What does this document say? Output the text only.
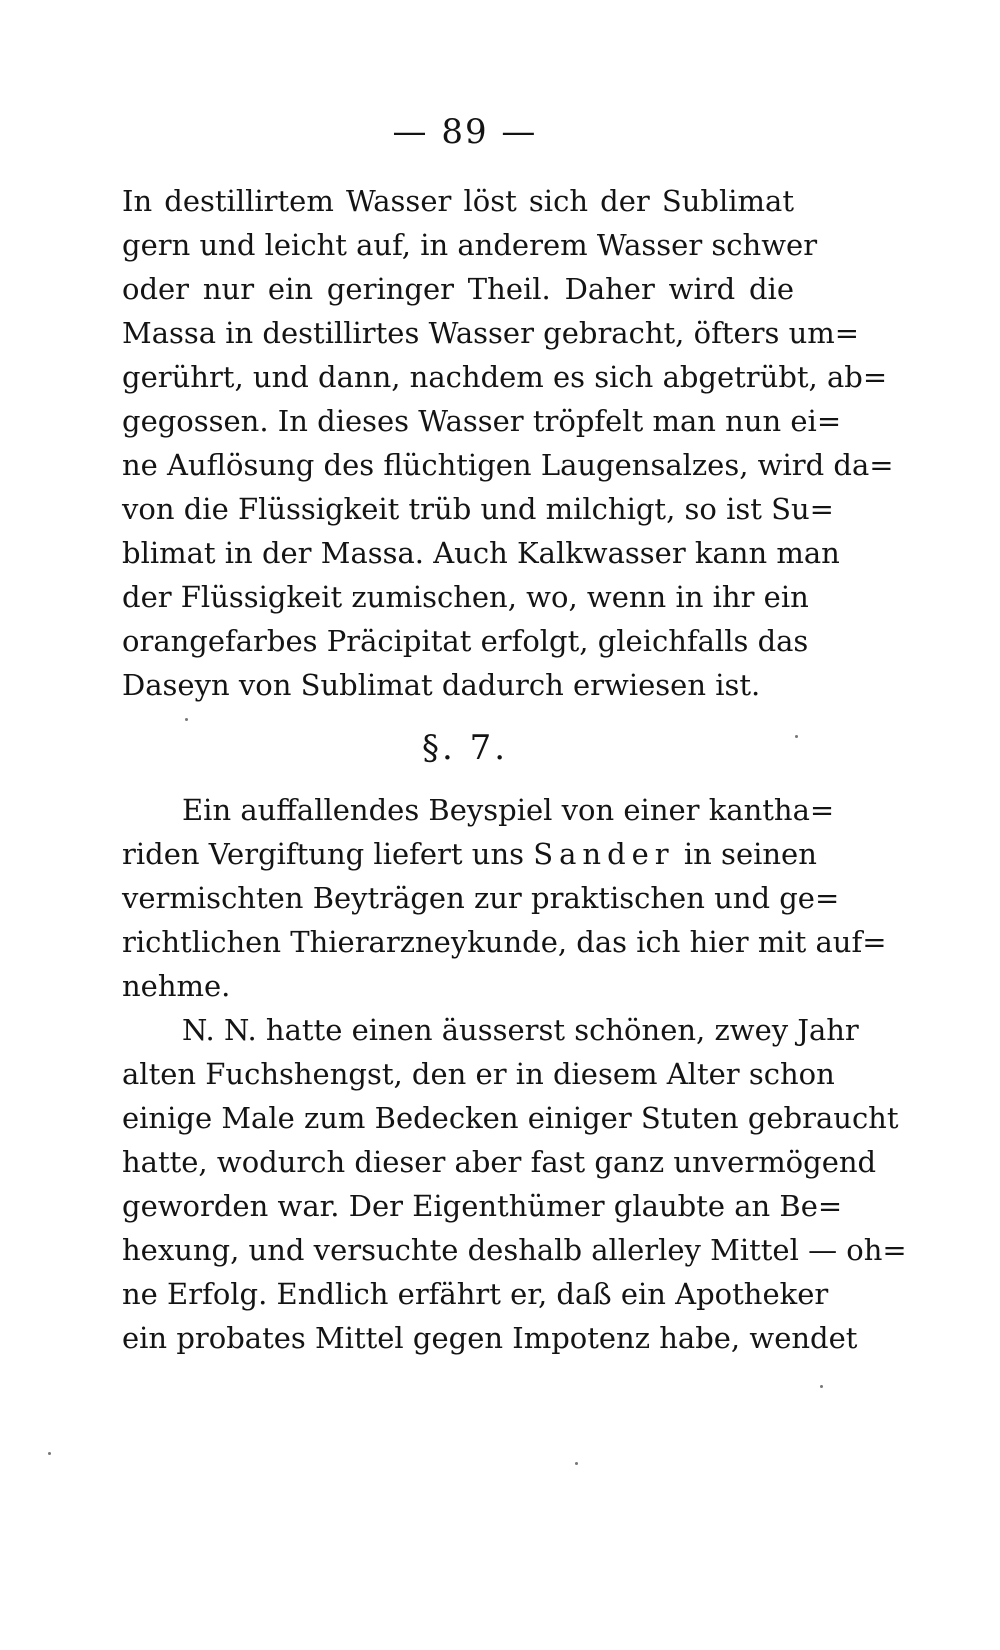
— 89 —
In destillirtem Wasser löst sich der Sublimat
gern und leicht auf, in anderem Wasser schwer
oder nur ein geringer Theil. Daher wird die
Massa in destillirtes Wasser gebracht, öfters um=
gerührt, und dann, nachdem es sich abgetrübt, ab=
gegossen. In dieses Wasser tröpfelt man nun ei=
ne Auflösung des flüchtigen Laugensalzes, wird da=
von die Flüssigkeit trüb und milchigt, so ist Su=
blimat in der Massa. Auch Kalkwasser kann man
der Flüssigkeit zumischen, wo, wenn in ihr ein
orangefarbes Präcipitat erfolgt, gleichfalls das
Daseyn von Sublimat dadurch erwiesen ist.
§. 7.
Ein auffallendes Beyspiel von einer kantha=
riden Vergiftung liefert uns Sander in seinen
vermischten Beyträgen zur praktischen und ge=
richtlichen Thierarzneykunde, das ich hier mit auf=
nehme.
N. N. hatte einen äusserst schönen, zwey Jahr
alten Fuchshengst, den er in diesem Alter schon
einige Male zum Bedecken einiger Stuten gebraucht
hatte, wodurch dieser aber fast ganz unvermögend
geworden war. Der Eigenthümer glaubte an Be=
hexung, und versuchte deshalb allerley Mittel — oh=
ne Erfolg. Endlich erfährt er, daß ein Apotheker
ein probates Mittel gegen Impotenz habe, wendet
